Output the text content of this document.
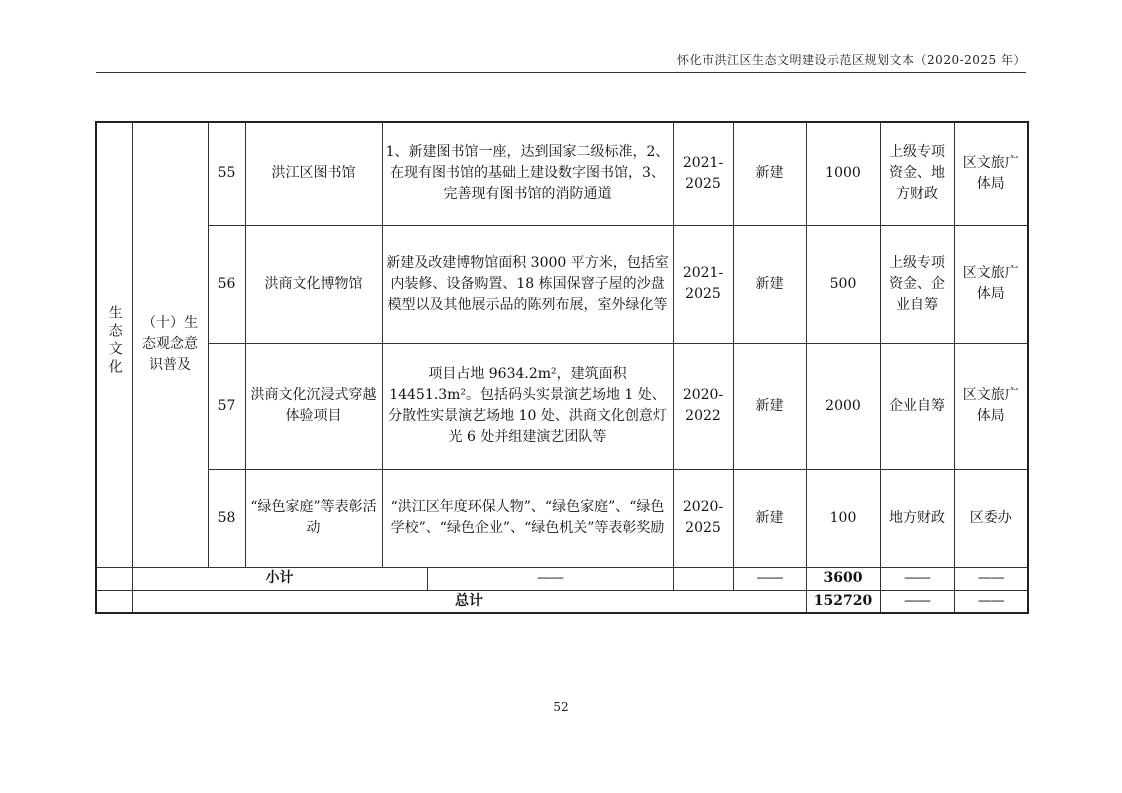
怀化市洪江区生态文明建设示范区规划文本（2020-2025 年）
生态文化	（十）生态观念意识普及	55	洪江区图书馆	1、新建图书馆一座，达到国家二级标准，2、在现有图书馆的基础上建设数字图书馆，3、完善现有图书馆的消防通道		2021-2025	新建	1000	上级专项资金、地方财政	区文旅广体局
		56	洪商文化博物馆	新建及改建博物馆面积 3000 平方米，包括室内装修、设备购置、18 栋国保窨子屋的沙盘模型以及其他展示品的陈列布展，室外绿化等		2021-2025	新建	500	上级专项资金、企业自筹	区文旅广体局
		57	洪商文化沉浸式穿越体验项目	项目占地 9634.2m²，建筑面积 14451.3m²。包括码头实景演艺场地 1 处、分散性实景演艺场地 10 处、洪商文化创意灯光 6 处并组建演艺团队等		2020-2022	新建	2000	企业自筹	区文旅广体局
		58	“绿色家庭”等表彰活动	“洪江区年度环保人物”、“绿色家庭”、“绿色学校”、“绿色企业”、“绿色机关”等表彰奖励		2020-2025	新建	100	地方财政	区委办
	小计				——		——	3600	——	——
	总计							152720	——	——
52
